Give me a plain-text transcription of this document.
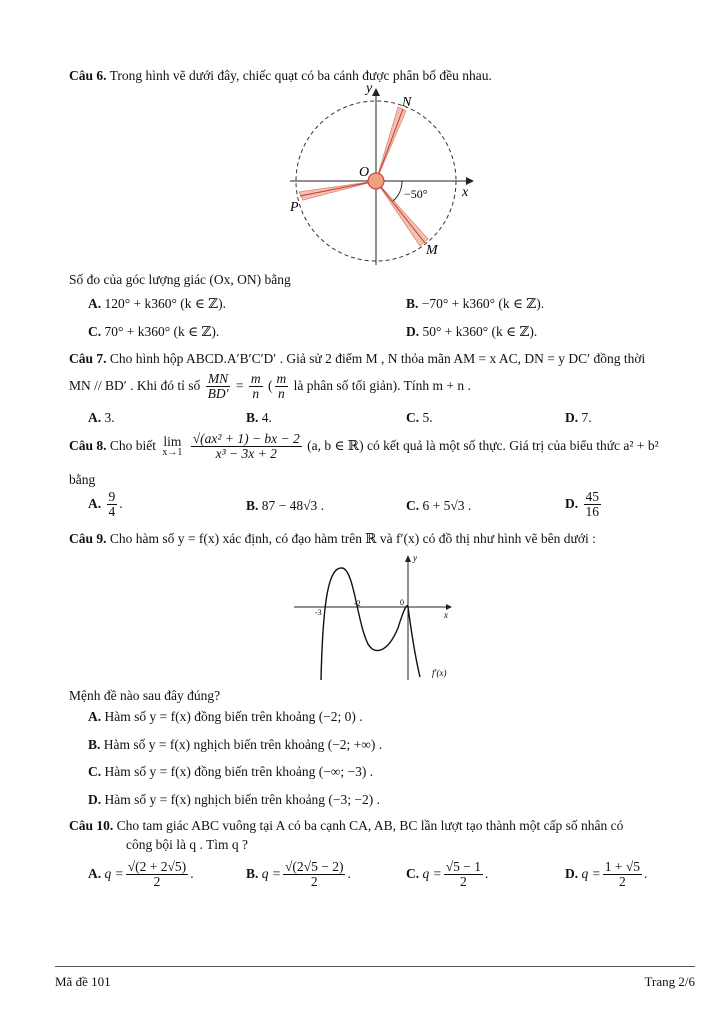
Câu 6. Trong hình vẽ dưới đây, chiếc quạt có ba cánh được phân bố đều nhau.
y
x
O
N
P
M
−50°
Số đo của góc lượng giác (Ox, ON) bằng
A. 120° + k360° (k ∈ ℤ).	B. −70° + k360° (k ∈ ℤ).
C. 70° + k360° (k ∈ ℤ).	D. 50° + k360° (k ∈ ℤ).
Câu 7. Cho hình hộp ABCD.A′B′C′D′ . Giả sử 2 điểm M , N thỏa mãn AM = x AC, DN = y DC′ đồng thời
MN // BD′ . Khi đó tỉ số $\frac{MN}{BD'} = \frac{m}{n}$ ( $\frac{m}{n}$ là phân số tối giản). Tính m + n .
A. 3.	B. 4.	C. 5.	D. 7.
Câu 8. Cho biết lim
x→1
$\frac{\text{√(ax² + 1) − bx − 2}}{\text{x³ − 3x + 2}} (a$, b ∈ ℝ) có kết quả là một số thực. Giá trị của biểu thức a² + b²
bằng
A. $\frac{9}{4}$ .	B. 87 − 48√3 .	C. 6 + 5√3 .	D. $\frac{45}{16}$
Câu 9. Cho hàm số y = f(x) xác định, có đạo hàm trên ℝ và f′(x) có đồ thị như hình vẽ bên dưới :
y
x
-3
-2	0
f′(x)
Mệnh đề nào sau đây đúng?
A. Hàm số y = f(x) đồng biến trên khoảng (−2; 0) .
B. Hàm số y = f(x) nghịch biến trên khoảng (−2; +∞) .
C. Hàm số y = f(x) đồng biến trên khoảng (−∞; −3) .
D. Hàm số y = f(x) nghịch biến trên khoảng (−3; −2) .
Câu 10. Cho tam giác ABC vuông tại A có ba cạnh CA, AB, BC lần lượt tạo thành một cấp số nhân có
công bội là q . Tìm q ?
A. $q = \frac{√(2 + 2√5)}{2}$ .	B. $q = \frac{√(2√5 - 2)}{2}$ .	C. $q = \frac{√5 - 1}{2}$ .	D. $q = \frac{1 + √5}{2}$ .
Mã đề 101	Trang 2/6
